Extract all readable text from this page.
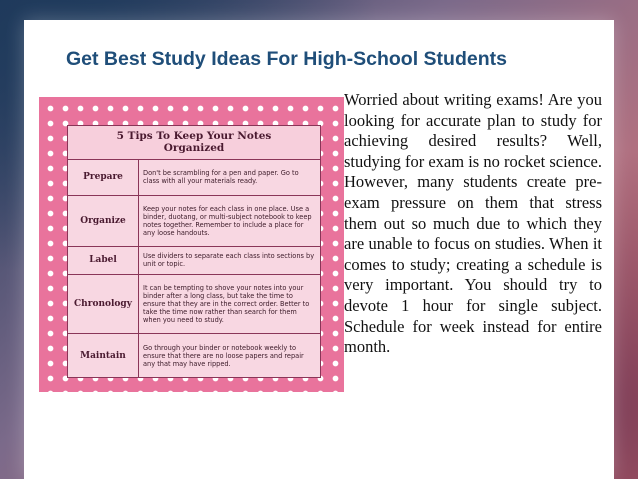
Get Best Study Ideas For High-School Students
5 Tips To Keep Your Notes
Organized
Prepare	Don't be scrambling for a pen and paper. Go to class with all your materials ready.
Organize
Keep your notes for each class in one place. Use a binder, duotang, or multi-subject notebook to keep notes together. Remember to include a place for any loose handouts.
Label	Use dividers to separate each class into sections by unit or topic.
Chronology
It can be tempting to shove your notes into your binder after a long class, but take the time to ensure that they are in the correct order. Better to take the time now rather than search for them when you need to study.
Maintain
Go through your binder or notebook weekly to ensure that there are no loose papers and repair any that may have ripped.

Worried about writing exams! Are you looking for accurate plan to study for achieving desired results? Well, studying for exam is no rocket science. However, many students create pre-exam pressure on them that stress them out so much due to which they are unable to focus on studies. When it comes to study; creating a schedule is very important. You should try to devote 1 hour for single subject. Schedule for week instead for entire month.
